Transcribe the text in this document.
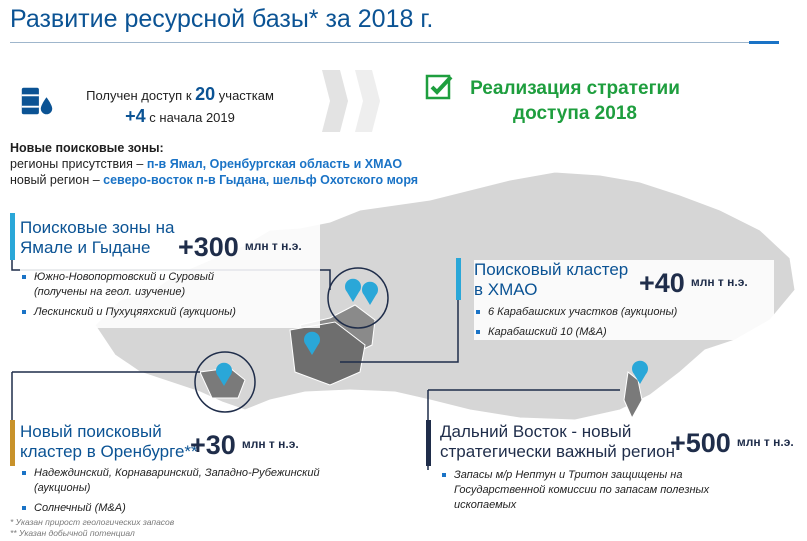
Развитие ресурсной базы* за 2018 г.
Получен доступ к 20 участкам
+4 с начала 2019
Реализация стратегии
доступа 2018
Новые поисковые зоны:
регионы присутствия – п-в Ямал, Оренбургская область и ХМАО
новый регион – северо-восток п-в Гыдана, шельф Охотского моря
Поисковые зоны на
Ямале и Гыдане	+300 $^{млн т н.э.}$
Южно-Новопортовский и Суровый (получены на геол. изучение)
Лескинский и Пухуцяяхский (аукционы)
Поисковый кластер
в ХМАО	+40 $^{млн т н.э.}$
6 Карабашских участков (аукционы)
Карабашский 10 (M&A)
Новый поисковый
кластер в Оренбурге**
+30 $^{млн т н.э.}$
Надеждинский, Корнаваринский, Западно-Рубежинский (аукционы)
Солнечный (M&A)
Дальний Восток - новый
стратегически важный регион
+500 $^{млн т н.э.}$
Запасы м/р Нептун и Тритон защищены на Государственной комиссии по запасам полезных ископаемых
* Указан прирост геологических запасов
** Указан добычной потенциал
